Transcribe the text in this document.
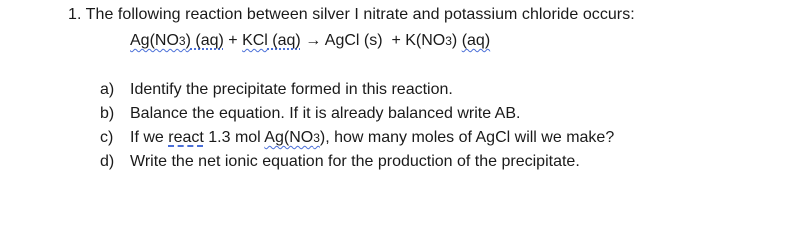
1. The following reaction between silver I nitrate and potassium chloride occurs:
Ag(NO3) (aq) + KCl (aq) → AgCl (s)  + K(NO3) (aq)
a) Identify the precipitate formed in this reaction.
b) Balance the equation. If it is already balanced write AB.
c) If we react 1.3 mol Ag(NO3), how many moles of AgCl will we make?
d) Write the net ionic equation for the production of the precipitate.
